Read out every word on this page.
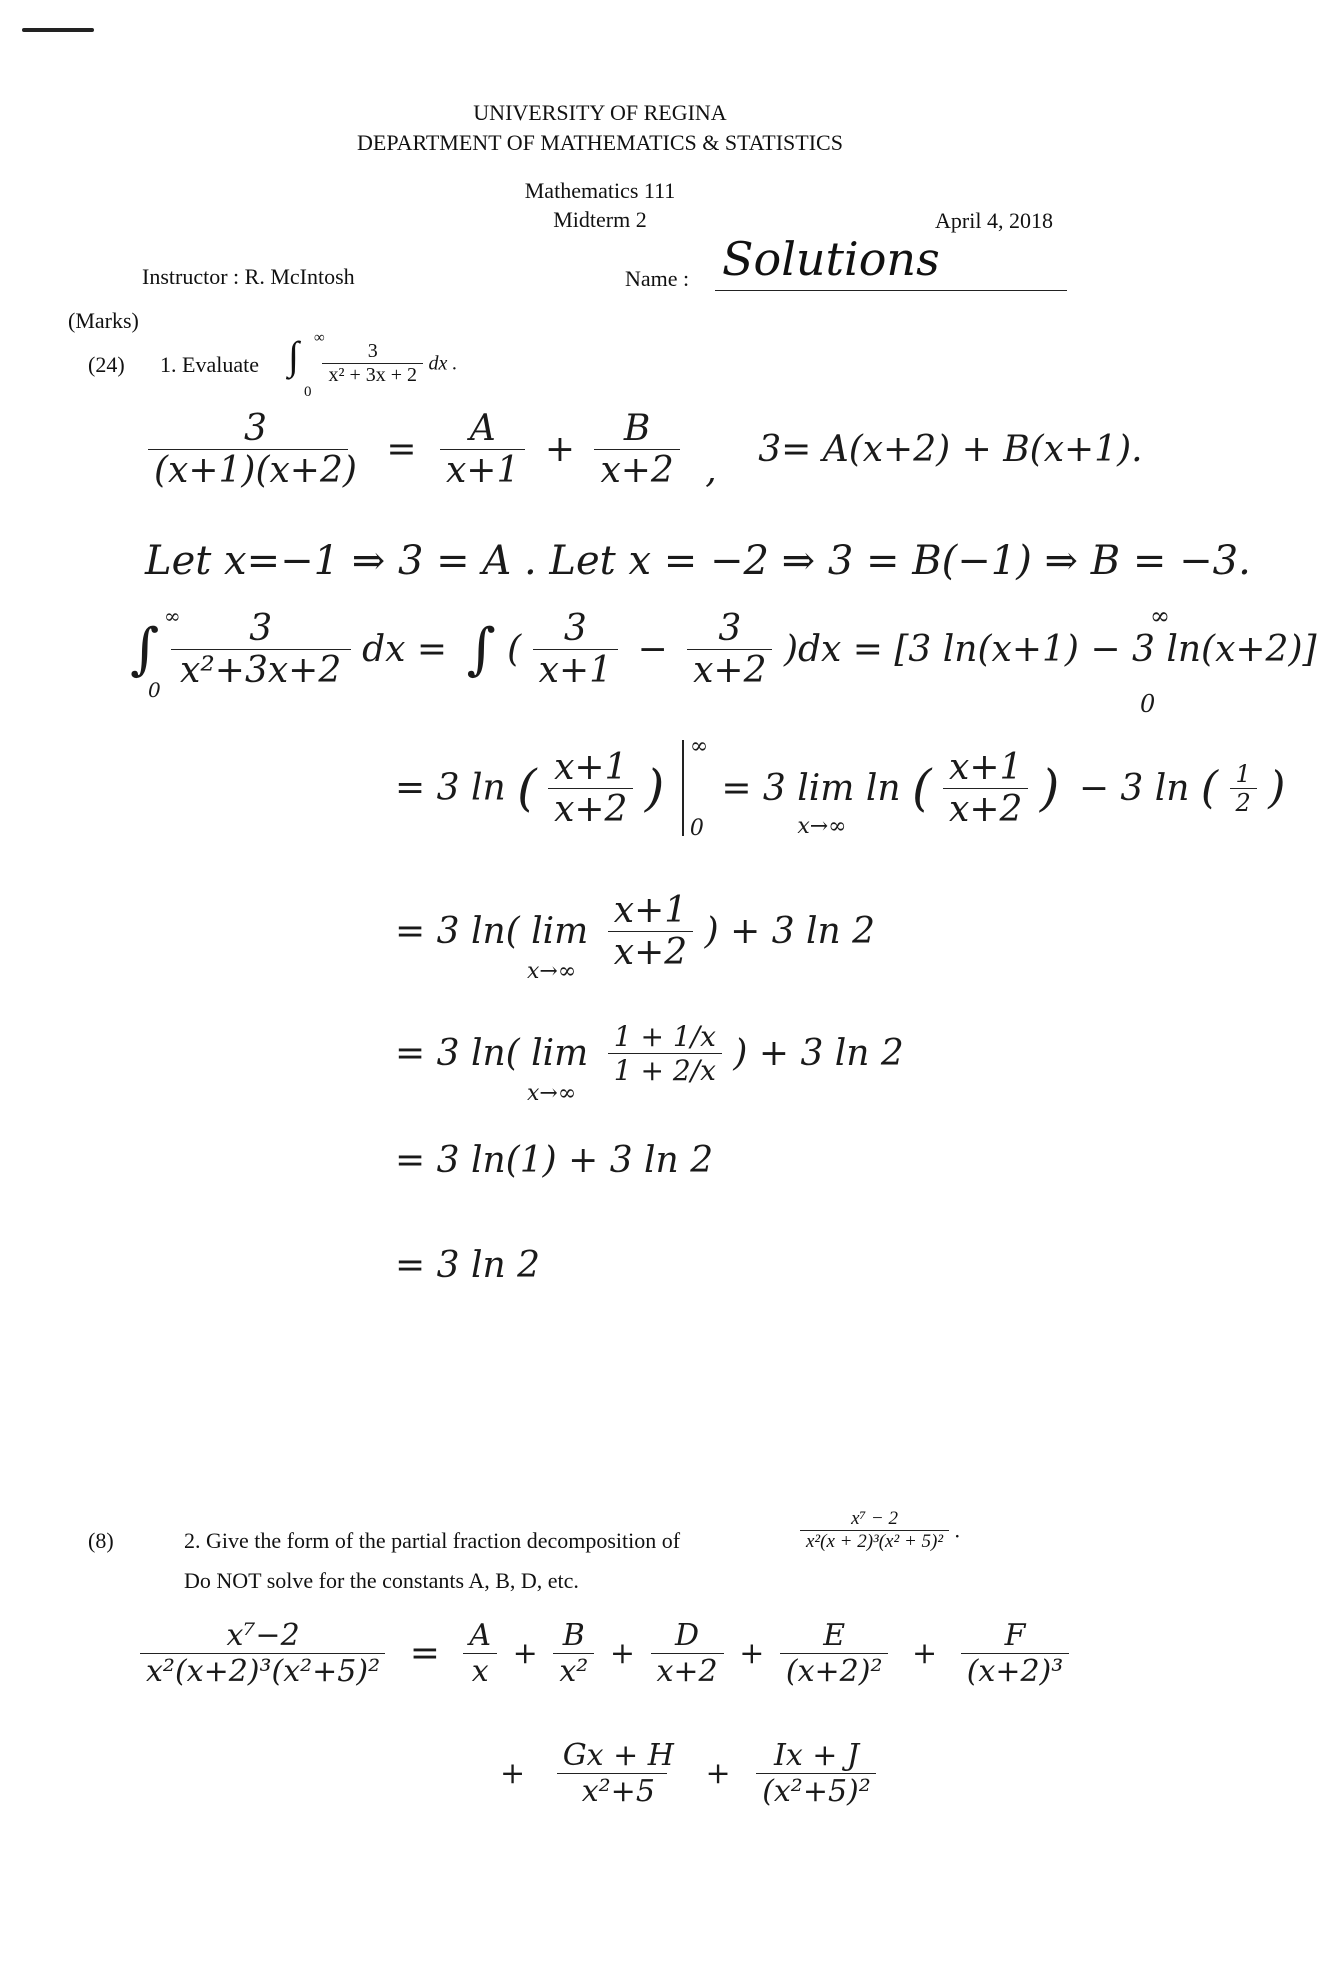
UNIVERSITY OF REGINA
DEPARTMENT OF MATHEMATICS & STATISTICS
Mathematics 111
Midterm 2	April 4, 2018
Instructor : R. McIntosh	Name : Solutions
(Marks)
(24) 1. Evaluate ∫ ∞
0
$\frac{3}{\text{x² + 3x + 2}}$ dx .
$\frac{3}{(x+1)(x+2)} = \frac{A}{x+1} + \frac{B}{x+2}$ , 3= A(x+2) + B(x+1).
Let x=−1 ⇒ 3 = A . Let x = −2 ⇒ 3 = B(−1) ⇒ B = −3.
∫
∞
$0 \frac{3}{\text{x²+3x+2}}$ dx = ∫ ( $\frac{3}{x+1} - \frac{3}{x+2} )dx = [3$ ln(x+1) − 3 ln(x+2)]
∞
0
= 3 ln ( $\frac{x+1}{x+2}$ )
∞
0
= 3 lim ln
x→∞
( $\frac{x+1}{x+2}$ ) − 3 ln ( $\frac{1}{2}$ )
= 3 ln( lim
$x\to\infty \frac{x+1}{x+2}$ ) + 3 ln 2
= 3 ln( lim
x→∞
$\frac{1 + 1/x}{1 + 2/x}$ ) + 3 ln 2
= 3 ln(1) + 3 ln 2
= 3 ln 2
(8)	2. Give the form of the partial fraction decomposition of	$\frac{\text{x⁷ − 2}}{\text{x²(x + 2)³(x² + 5)²}}$ .
Do NOT solve for the constants A, B, D, etc.
$\frac{\text{x⁷−2}}{\text{x²(x+2)³(x²+5)²}} = \frac{A}{x} + \frac{B}{\text{x²}} + \frac{D}{x+2} + \frac{E}{\text{(x+2)²}} + \frac{F}{\text{(x+2)³}}$
+ $\frac{Gx + H}{\text{x²+5}} + \frac{Ix + J}{\text{(x²+5)²}}$
